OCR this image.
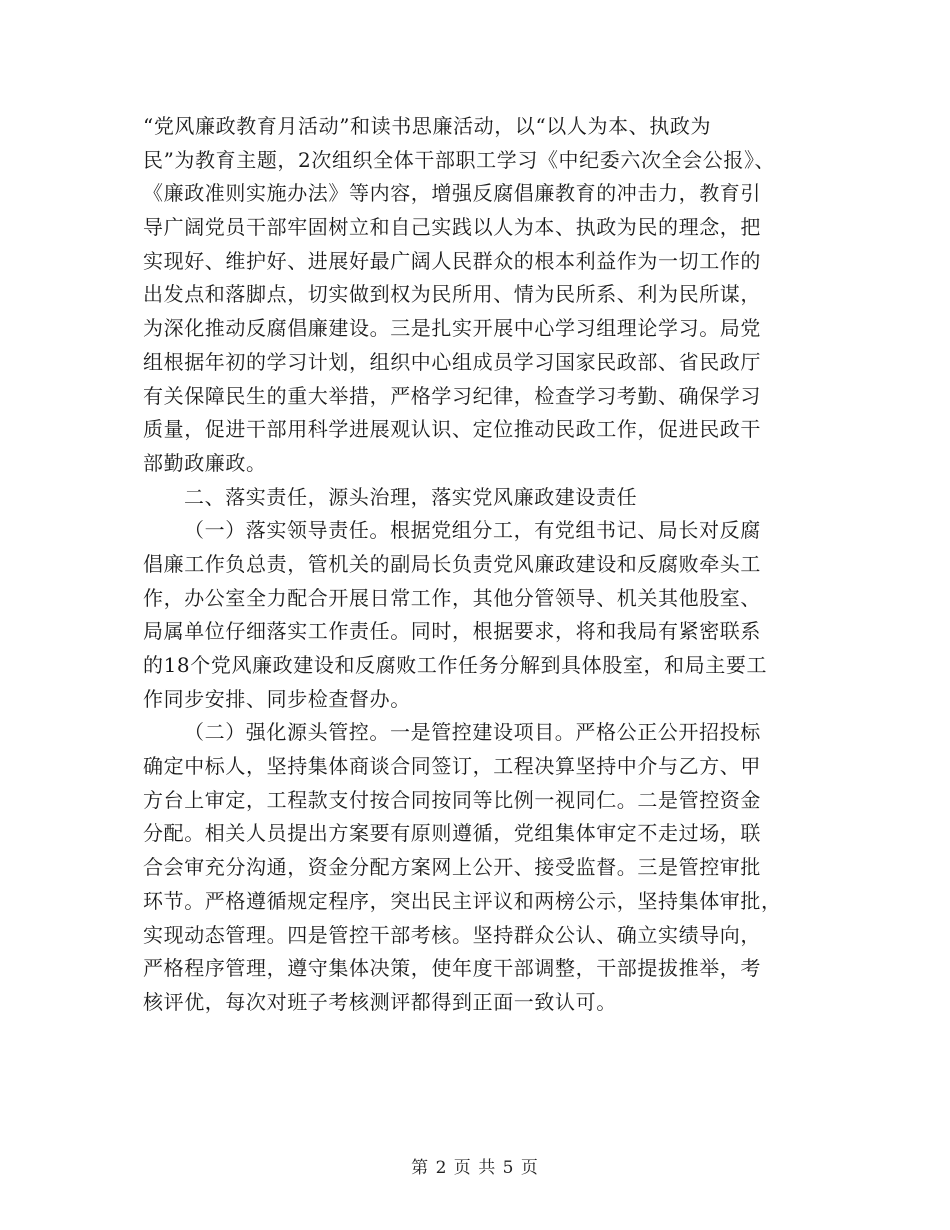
“党风廉政教育月活动”和读书思廉活动，以“以人为本、执政为
民”为教育主题，2次组织全体干部职工学习《中纪委六次全会公报》、
《廉政准则实施办法》等内容，增强反腐倡廉教育的冲击力，教育引
导广阔党员干部牢固树立和自己实践以人为本、执政为民的理念，把
实现好、维护好、进展好最广阔人民群众的根本利益作为一切工作的
出发点和落脚点，切实做到权为民所用、情为民所系、利为民所谋，
为深化推动反腐倡廉建设。三是扎实开展中心学习组理论学习。局党
组根据年初的学习计划，组织中心组成员学习国家民政部、省民政厅
有关保障民生的重大举措，严格学习纪律，检查学习考勤、确保学习
质量，促进干部用科学进展观认识、定位推动民政工作，促进民政干
部勤政廉政。
二、落实责任，源头治理，落实党风廉政建设责任
（一）落实领导责任。根据党组分工，有党组书记、局长对反腐
倡廉工作负总责，管机关的副局长负责党风廉政建设和反腐败牵头工
作，办公室全力配合开展日常工作，其他分管领导、机关其他股室、
局属单位仔细落实工作责任。同时，根据要求，将和我局有紧密联系
的18个党风廉政建设和反腐败工作任务分解到具体股室，和局主要工
作同步安排、同步检查督办。
（二）强化源头管控。一是管控建设项目。严格公正公开招投标
确定中标人，坚持集体商谈合同签订，工程决算坚持中介与乙方、甲
方台上审定，工程款支付按合同按同等比例一视同仁。二是管控资金
分配。相关人员提出方案要有原则遵循，党组集体审定不走过场，联
合会审充分沟通，资金分配方案网上公开、接受监督。三是管控审批
环节。严格遵循规定程序，突出民主评议和两榜公示，坚持集体审批，
实现动态管理。四是管控干部考核。坚持群众公认、确立实绩导向，
严格程序管理，遵守集体决策，使年度干部调整，干部提拔推举，考
核评优，每次对班子考核测评都得到正面一致认可。
第 2 页 共 5 页
